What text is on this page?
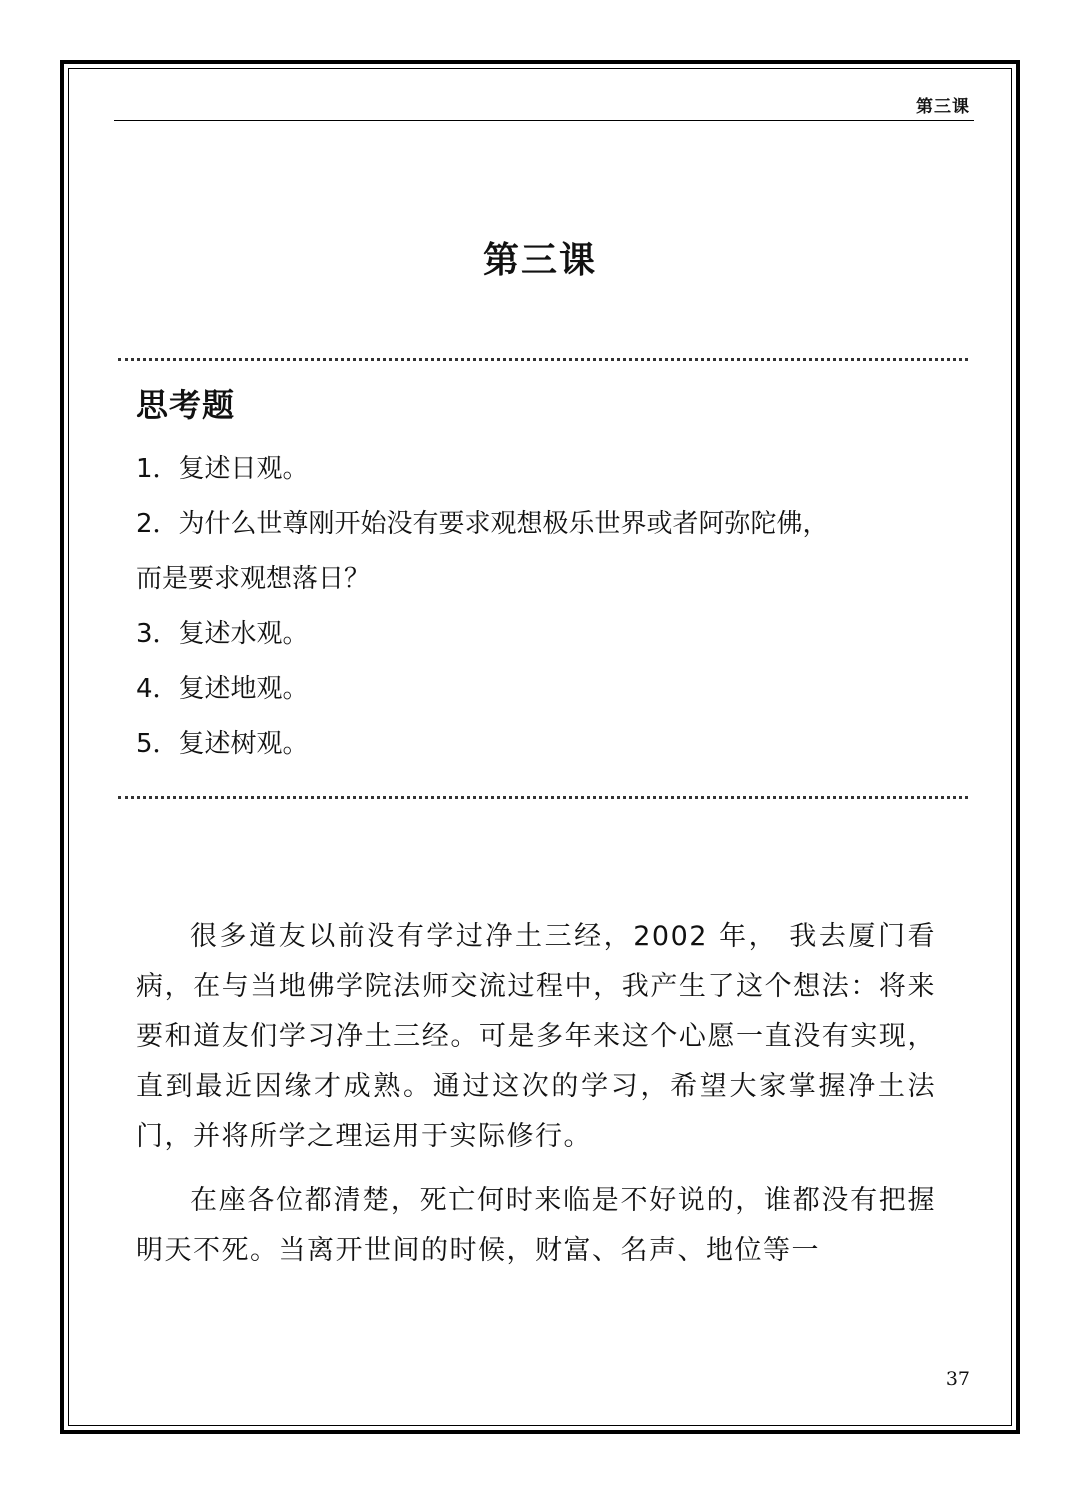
第三课
第三课
思考题
1．复述日观。
2．为什么世尊刚开始没有要求观想极乐世界或者阿弥陀佛，
而是要求观想落日？
3．复述水观。
4．复述地观。
5．复述树观。

很多道友以前没有学过净土三经，2002 年， 我去厦门看病，在与当地佛学院法师交流过程中，我产生了这个想法：将来要和道友们学习净土三经。可是多年来这个心愿一直没有实现，直到最近因缘才成熟。通过这次的学习，希望大家掌握净土法门，并将所学之理运用于实际修行。

在座各位都清楚，死亡何时来临是不好说的，谁都没有把握明天不死。当离开世间的时候，财富、名声、地位等一

37
